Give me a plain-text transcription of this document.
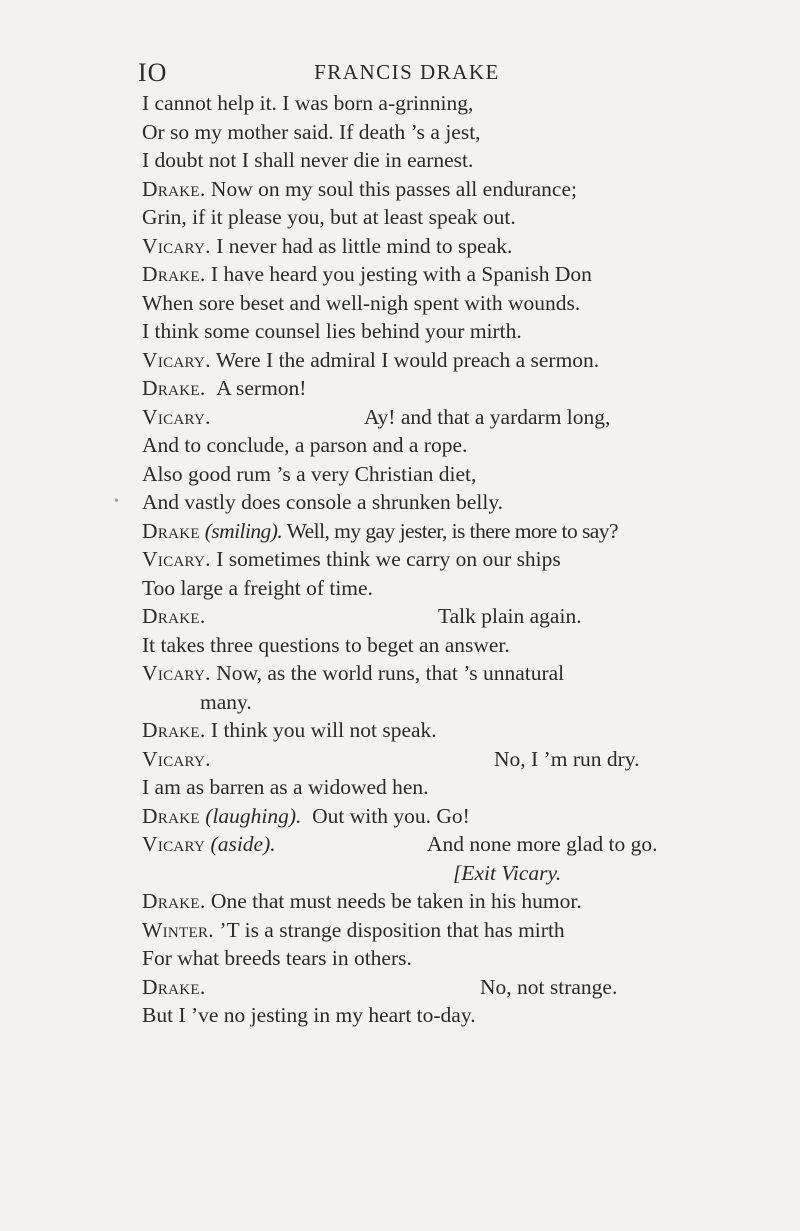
IO	FRANCIS DRAKE
I cannot help it. I was born a-grinning,
Or so my mother said. If death ’s a jest,
I doubt not I shall never die in earnest.
Drake. Now on my soul this passes all endurance;
Grin, if it please you, but at least speak out.
Vicary. I never had as little mind to speak.
Drake. I have heard you jesting with a Spanish Don
When sore beset and well-nigh spent with wounds.
I think some counsel lies behind your mirth.
Vicary. Were I the admiral I would preach a sermon.
Drake. A sermon!
Vicary.	Ay! and that a yardarm long,
And to conclude, a parson and a rope.
Also good rum ’s a very Christian diet,
• And vastly does console a shrunken belly.
Drake (smiling). Well, my gay jester, is there more to say?
Vicary. I sometimes think we carry on our ships
Too large a freight of time.
Drake.	Talk plain again.
It takes three questions to beget an answer.
Vicary. Now, as the world runs, that ’s unnatural
many.
Drake. I think you will not speak.
Vicary.	No, I ’m run dry.
I am as barren as a widowed hen.
Drake (laughing). Out with you. Go!
Vicary (aside).	And none more glad to go.
[Exit Vicary.
Drake. One that must needs be taken in his humor.
Winter. ’T is a strange disposition that has mirth
For what breeds tears in others.
Drake.	No, not strange.
But I ’ve no jesting in my heart to-day.
